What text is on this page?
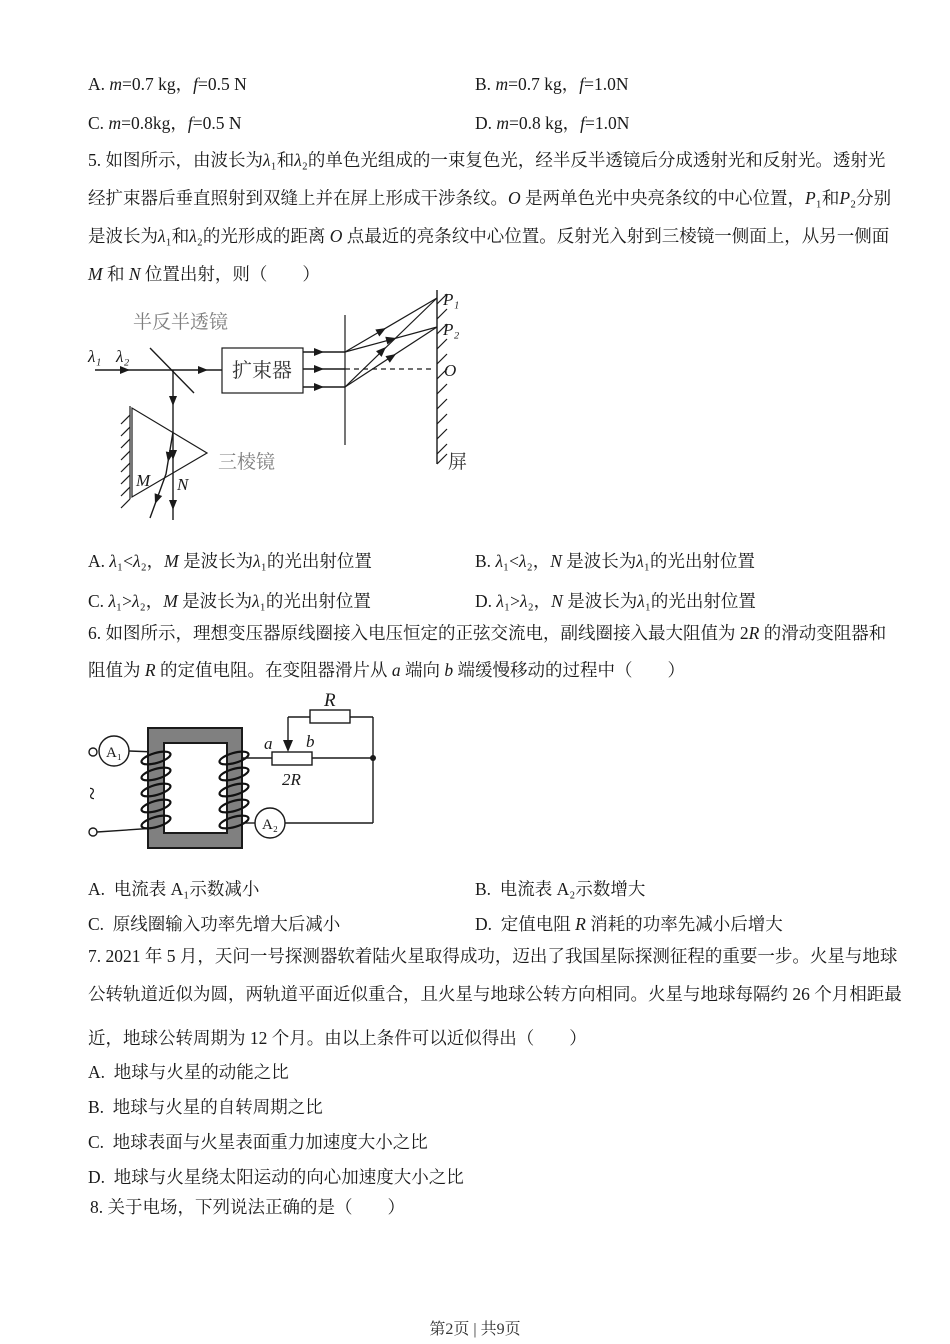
A. m=0.7 kg，f=0.5 N	B. m=0.7 kg，f=1.0N
C. m=0.8kg，f=0.5 N	D. m=0.8 kg，f=1.0N
5. 如图所示，由波长为λ₁和λ₂的单色光组成的一束复色光，经半反半透镜后分成透射光和反射光。透射光
经扩束器后垂直照射到双缝上并在屏上形成干涉条纹。O 是两单色光中央亮条纹的中心位置，P₁和P₂分别
是波长为λ₁和λ₂的光形成的距离 O 点最近的亮条纹中心位置。反射光入射到三棱镜一侧面上，从另一侧面
M 和 N 位置出射，则（　　）
半反半透镜
λ₁ λ₂
扩束器
P₁
P₂
O
屏
三棱镜
M N
A. λ₁<λ₂，M 是波长为λ₁的光出射位置	B. λ₁<λ₂，N 是波长为λ₁的光出射位置
C. λ₁>λ₂，M 是波长为λ₁的光出射位置	D. λ₁>λ₂，N 是波长为λ₁的光出射位置
6. 如图所示，理想变压器原线圈接入电压恒定的正弦交流电，副线圈接入最大阻值为 2R 的滑动变阻器和
阻值为 R 的定值电阻。在变阻器滑片从 a 端向 b 端缓慢移动的过程中（　　）
A₁
~
A₂
R
a b
2R
A.  电流表 A₁示数减小	B.  电流表 A₂示数增大
C.  原线圈输入功率先增大后减小	D.  定值电阻 R 消耗的功率先减小后增大
7. 2021 年 5 月，天问一号探测器软着陆火星取得成功，迈出了我国星际探测征程的重要一步。火星与地球
公转轨道近似为圆，两轨道平面近似重合，且火星与地球公转方向相同。火星与地球每隔约 26 个月相距最
近，地球公转周期为 12 个月。由以上条件可以近似得出（　　）
A.  地球与火星的动能之比
B.  地球与火星的自转周期之比
C.  地球表面与火星表面重力加速度大小之比
D.  地球与火星绕太阳运动的向心加速度大小之比
8. 关于电场，下列说法正确的是（　　）
第2页 | 共9页
